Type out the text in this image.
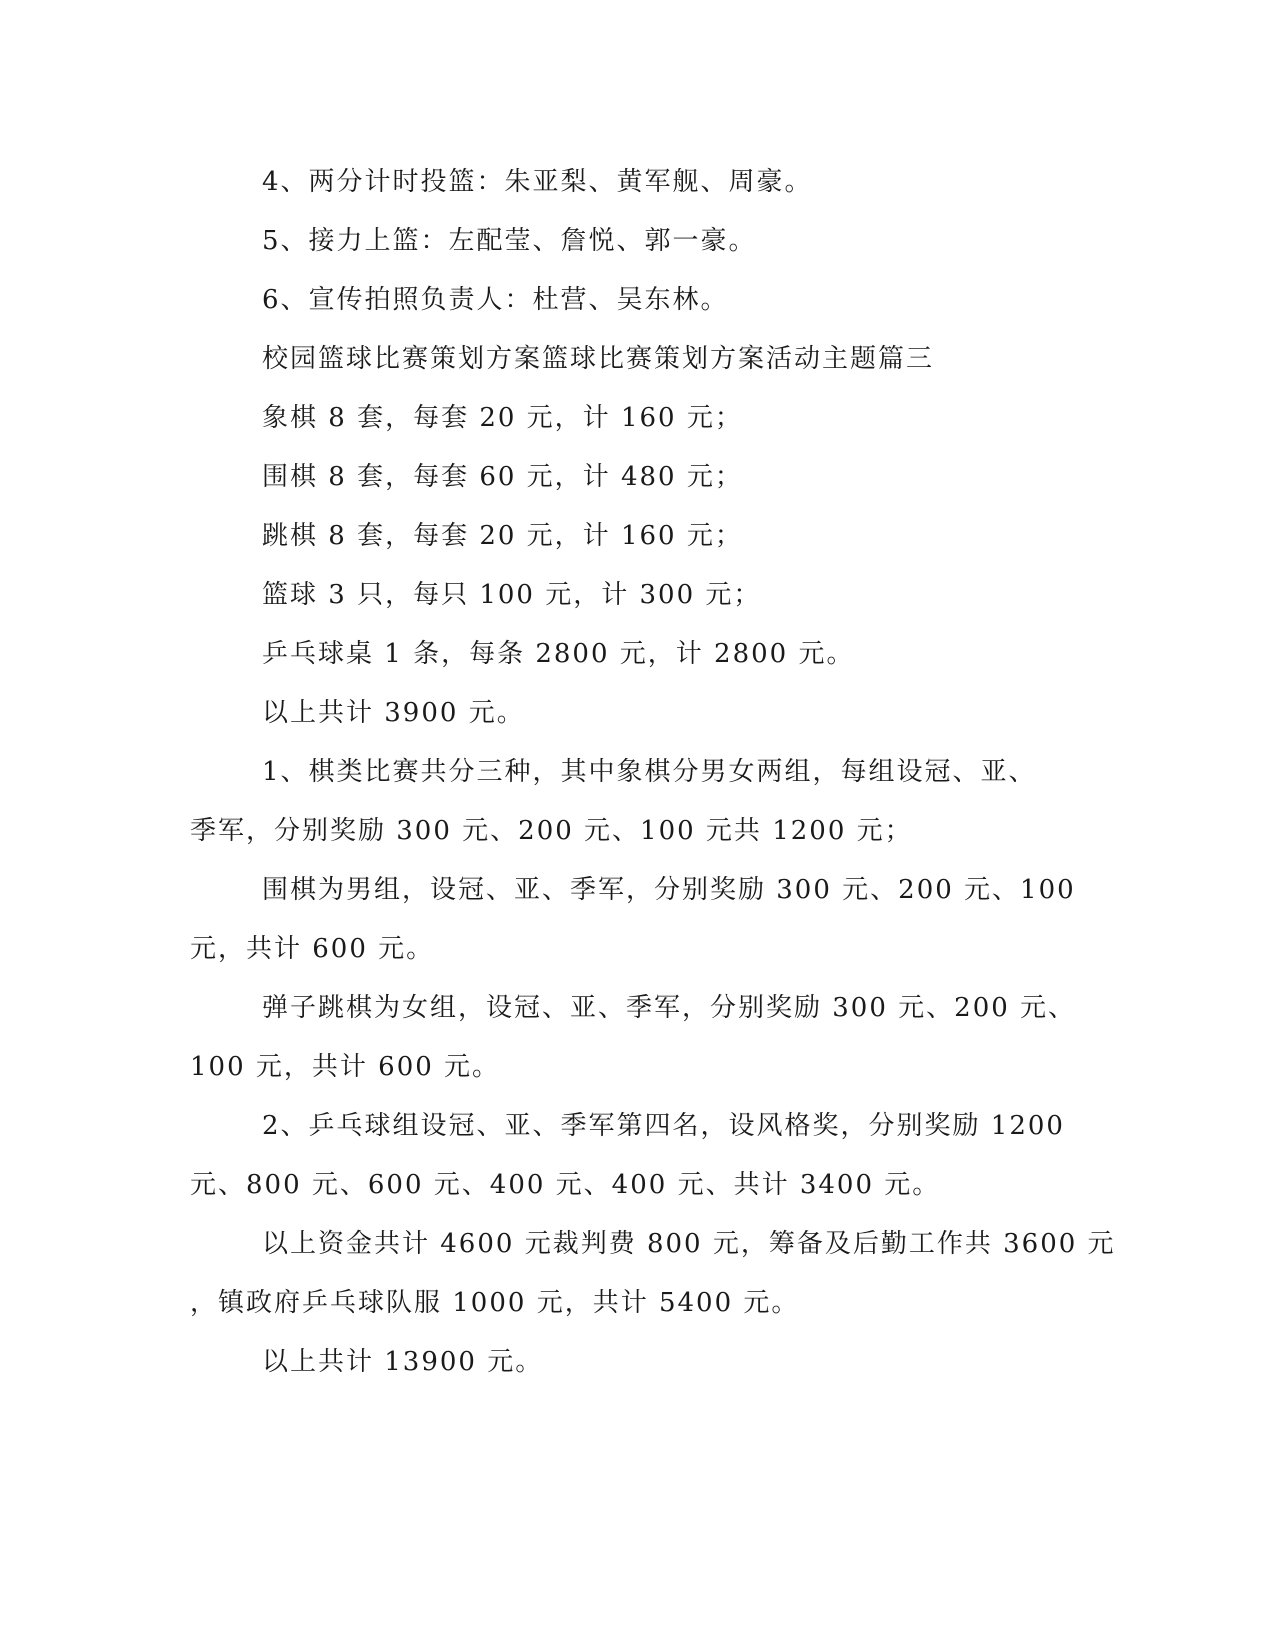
4、两分计时投篮：朱亚梨、黄军舰、周豪。

5、接力上篮：左配莹、詹悦、郭一豪。

6、宣传拍照负责人：杜营、吴东林。

校园篮球比赛策划方案篮球比赛策划方案活动主题篇三

象棋 8 套，每套 20 元，计 160 元；

围棋 8 套，每套 60 元，计 480 元；

跳棋 8 套，每套 20 元，计 160 元；

篮球 3 只，每只 100 元，计 300 元；

乒乓球桌 1 条，每条 2800 元，计 2800 元。

以上共计 3900 元。

1、棋类比赛共分三种，其中象棋分男女两组，每组设冠、亚、

季军，分别奖励 300 元、200 元、100 元共 1200 元；

围棋为男组，设冠、亚、季军，分别奖励 300 元、200 元、100

元，共计 600 元。

弹子跳棋为女组，设冠、亚、季军，分别奖励 300 元、200 元、

100 元，共计 600 元。

2、乒乓球组设冠、亚、季军第四名，设风格奖，分别奖励 1200

元、800 元、600 元、400 元、400 元、共计 3400 元。

以上资金共计 4600 元裁判费 800 元，筹备及后勤工作共 3600 元

，镇政府乒乓球队服 1000 元，共计 5400 元。

以上共计 13900 元。
